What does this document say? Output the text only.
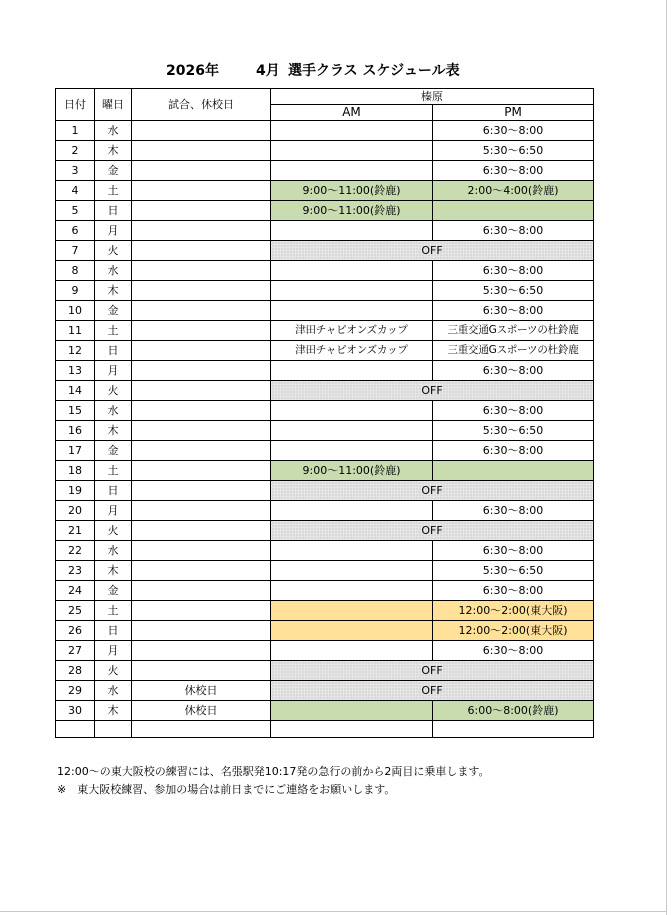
2026年	4月 選手クラス スケジュール表
日付	曜日	試合、休校日	榛原	
			AM	PM
1	水			6:30～8:00
2	木			5:30～6:50
3	金			6:30～8:00
4	土		9:00～11:00(鈴鹿)	2:00～4:00(鈴鹿)
5	日		9:00～11:00(鈴鹿)	
6	月			6:30～8:00
7	火		OFF	
8	水			6:30～8:00
9	木			5:30～6:50
10	金			6:30～8:00
11	土		津田チャピオンズカップ	三重交通Gスポーツの杜鈴鹿
12	日		津田チャピオンズカップ	三重交通Gスポーツの杜鈴鹿
13	月			6:30～8:00
14	火		OFF	
15	水			6:30～8:00
16	木			5:30～6:50
17	金			6:30～8:00
18	土		9:00～11:00(鈴鹿)	
19	日		OFF	
20	月			6:30～8:00
21	火		OFF	
22	水			6:30～8:00
23	木			5:30～6:50
24	金			6:30～8:00
25	土			12:00～2:00(東大阪)
26	日			12:00～2:00(東大阪)
27	月			6:30～8:00
28	火		OFF	
29	水	休校日	OFF	
30	木	休校日		6:00～8:00(鈴鹿)

12:00～の東大阪校の練習には、名張駅発10:17発の急行の前から2両目に乗車します。
※　東大阪校練習、参加の場合は前日までにご連絡をお願いします。
